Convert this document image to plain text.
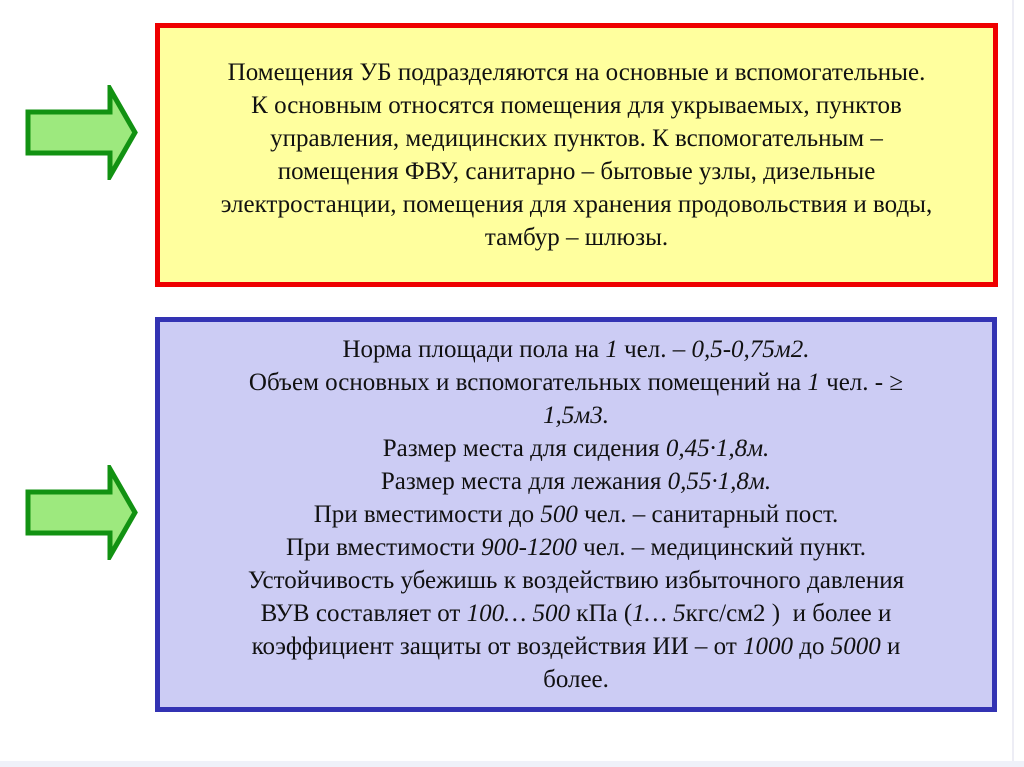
Помещения УБ подразделяются на основные и вспомогательные.
К основным относятся помещения для укрываемых, пунктов
управления, медицинских пунктов. К вспомогательным –
помещения ФВУ, санитарно – бытовые узлы, дизельные
электростанции, помещения для хранения продовольствия и воды,
тамбур – шлюзы.
Норма площади пола на 1 чел. – 0,5-0,75м2.
Объем основных и вспомогательных помещений на 1 чел. - ≥
1,5м3.
Размер места для сидения 0,45·1,8м.
Размер места для лежания 0,55·1,8м.
При вместимости до 500 чел. – санитарный пост.
При вместимости 900-1200 чел. – медицинский пункт.
Устойчивость убежишь к воздействию избыточного давления
ВУВ составляет от 100… 500 кПа (1… 5кгс/см2 )  и более и
коэффициент защиты от воздействия ИИ – от 1000 до 5000 и
более.
